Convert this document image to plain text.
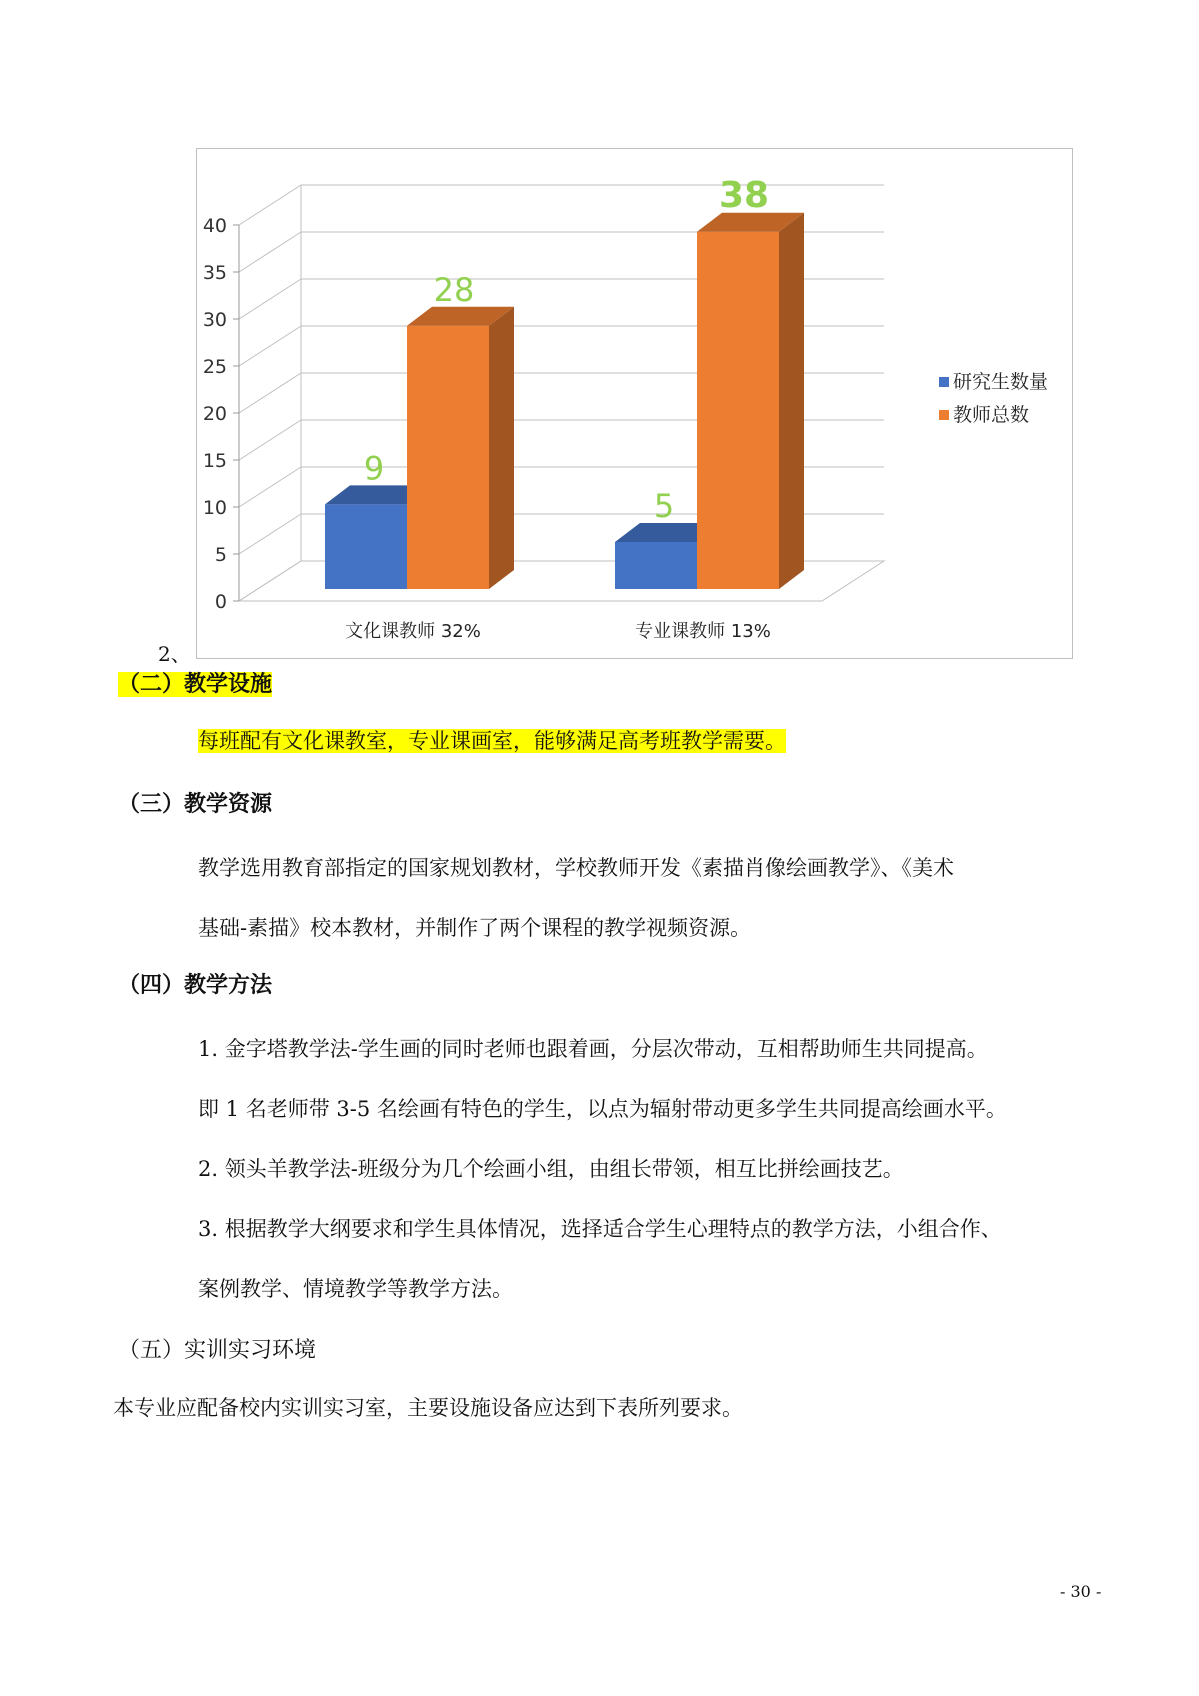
0
5
10
15
20
25
30
35
40
9
28
文化课教师 32%
5
38
专业课教师 13%
研究生数量
教师总数
2、
（二）教学设施
每班配有文化课教室，专业课画室，能够满足高考班教学需要。
（三）教学资源
教学选用教育部指定的国家规划教材，学校教师开发《素描肖像绘画教学》、《美术
基础-素描》校本教材，并制作了两个课程的教学视频资源。
（四）教学方法
1. 金字塔教学法-学生画的同时老师也跟着画，分层次带动，互相帮助师生共同提高。
即 1 名老师带 3-5 名绘画有特色的学生，以点为辐射带动更多学生共同提高绘画水平。
2. 领头羊教学法-班级分为几个绘画小组，由组长带领，相互比拼绘画技艺。
3. 根据教学大纲要求和学生具体情况，选择适合学生心理特点的教学方法，小组合作、
案例教学、情境教学等教学方法。
（五）实训实习环境
本专业应配备校内实训实习室，主要设施设备应达到下表所列要求。
- 30 -
